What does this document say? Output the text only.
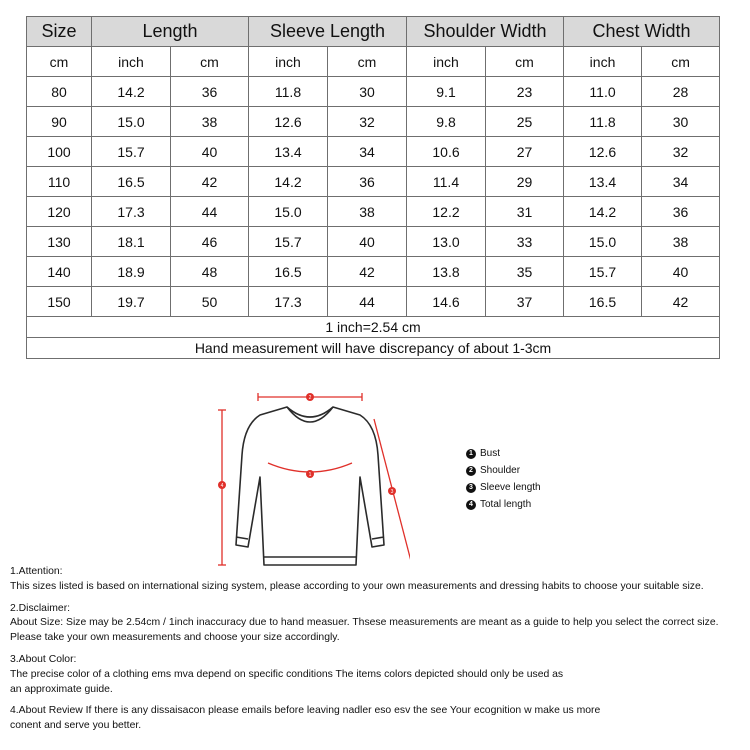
Size	Length		Sleeve Length		Shoulder Width		Chest Width	
cm	inch	cm	inch	cm	inch	cm	inch	cm
80	14.2	36	11.8	30	9.1	23	11.0	28
90	15.0	38	12.6	32	9.8	25	11.8	30
100	15.7	40	13.4	34	10.6	27	12.6	32
110	16.5	42	14.2	36	11.4	29	13.4	34
120	17.3	44	15.0	38	12.2	31	14.2	36
130	18.1	46	15.7	40	13.0	33	15.0	38
140	18.9	48	16.5	42	13.8	35	15.7	40
150	19.7	50	17.3	44	14.6	37	16.5	42
1 inch=2.54 cm								
Hand measurement will have discrepancy of about 1-3cm								
1
2
3
4
1 Bust
2 Shoulder
3 Sleeve length
4 Total length
1.Attention:
This sizes listed is based on international sizing system, please according to your own measurements and dressing habits to choose your suitable size.
2.Disclaimer:
About Size: Size may be 2.54cm / 1inch inaccuracy due to hand measuer. Thsese measurements are meant as a guide to help you select the correct size.
Please take your own measurements and choose your size accordingly.
3.About Color:
The precise color of a clothing ems mva depend on specific conditions The items colors depicted should only be used as
an approximate guide.
4.About Review If there is any dissaisacon please emails before leaving nadler eso esv the see Your ecognition w make us more
conent and serve you better.
